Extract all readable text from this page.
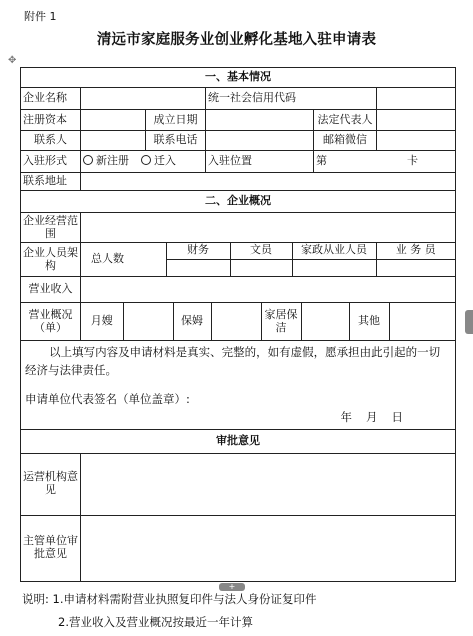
附件 1
清远市家庭服务业创业孵化基地入驻申请表
✥
一、基本情况
企业名称		统一社会信用代码	
注册资本		成立日期		法定代表人	
联系人		联系电话		邮箱微信	
入驻形式	新注册 迁入	入驻位置	第	卡
联系地址	
二、企业概况
企业经营范围	
企业人员架构		总人数	财务	文员	家政从业人员	业 务 员

营业收入	
营业概况（单）	月嫂		保姆		家居保洁		其他	

以上填写内容及申请材料是真实、完整的，如有虚假，愿承担由此引起的一切经济与法律责任。

申请单位代表签名（单位盖章）:

年 月 日

审批意见
运营机构意见	
主管单位审批意见	
+
说明: 1.申请材料需附营业执照复印件与法人身份证复印件
2.营业收入及营业概况按最近一年计算
